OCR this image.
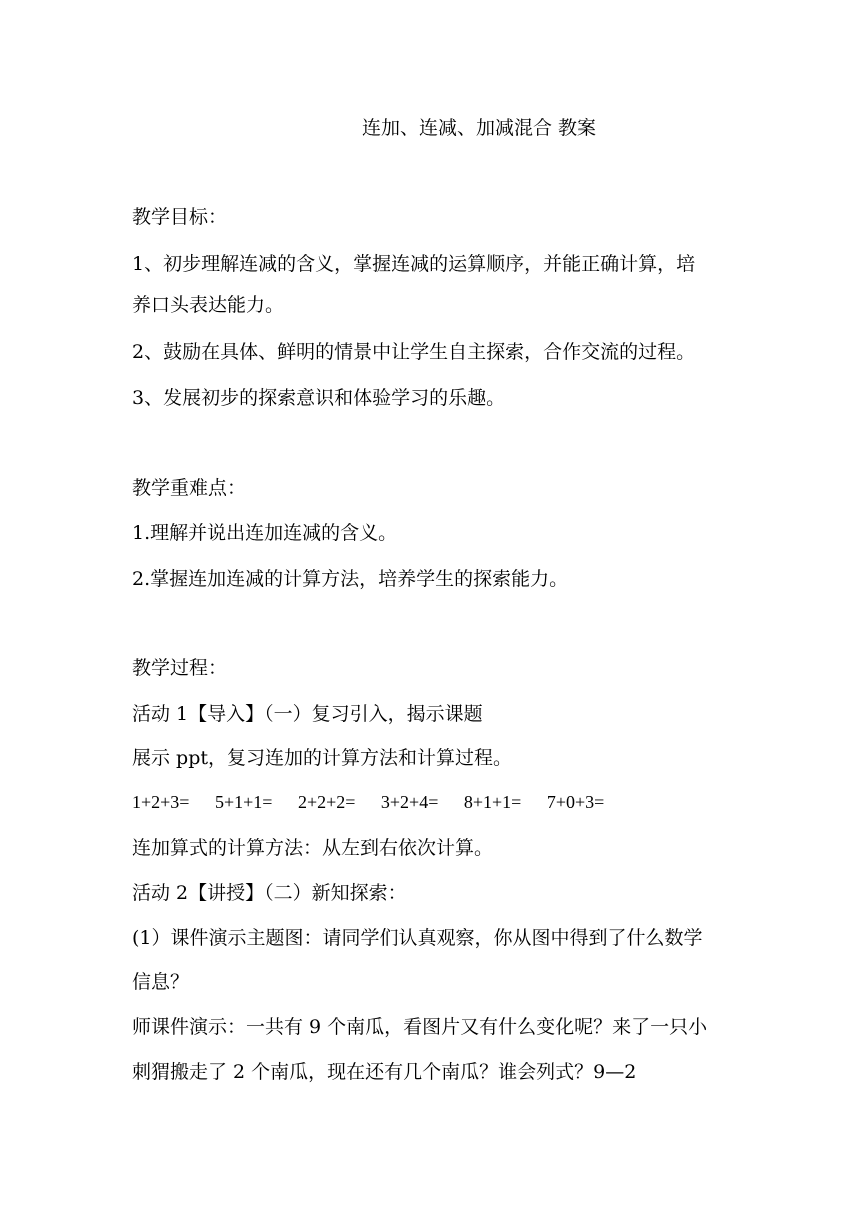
连加、连减、加减混合 教案
教学目标：
1、初步理解连减的含义，掌握连减的运算顺序，并能正确计算，培
养口头表达能力。
2、鼓励在具体、鲜明的情景中让学生自主探索，合作交流的过程。
3、发展初步的探索意识和体验学习的乐趣。
教学重难点：
1.理解并说出连加连减的含义。
2.掌握连加连减的计算方法，培养学生的探索能力。
教学过程：
活动 1【导入】（一）复习引入，揭示课题
展示 ppt，复习连加的计算方法和计算过程。
1+2+3= 5+1+1= 2+2+2= 3+2+4= 8+1+1= 7+0+3=
连加算式的计算方法：从左到右依次计算。
活动 2【讲授】（二）新知探索：
(1）课件演示主题图：请同学们认真观察，你从图中得到了什么数学
信息？
师课件演示：一共有 9 个南瓜，看图片又有什么变化呢？来了一只小
刺猬搬走了 2 个南瓜，现在还有几个南瓜？谁会列式？9—2
